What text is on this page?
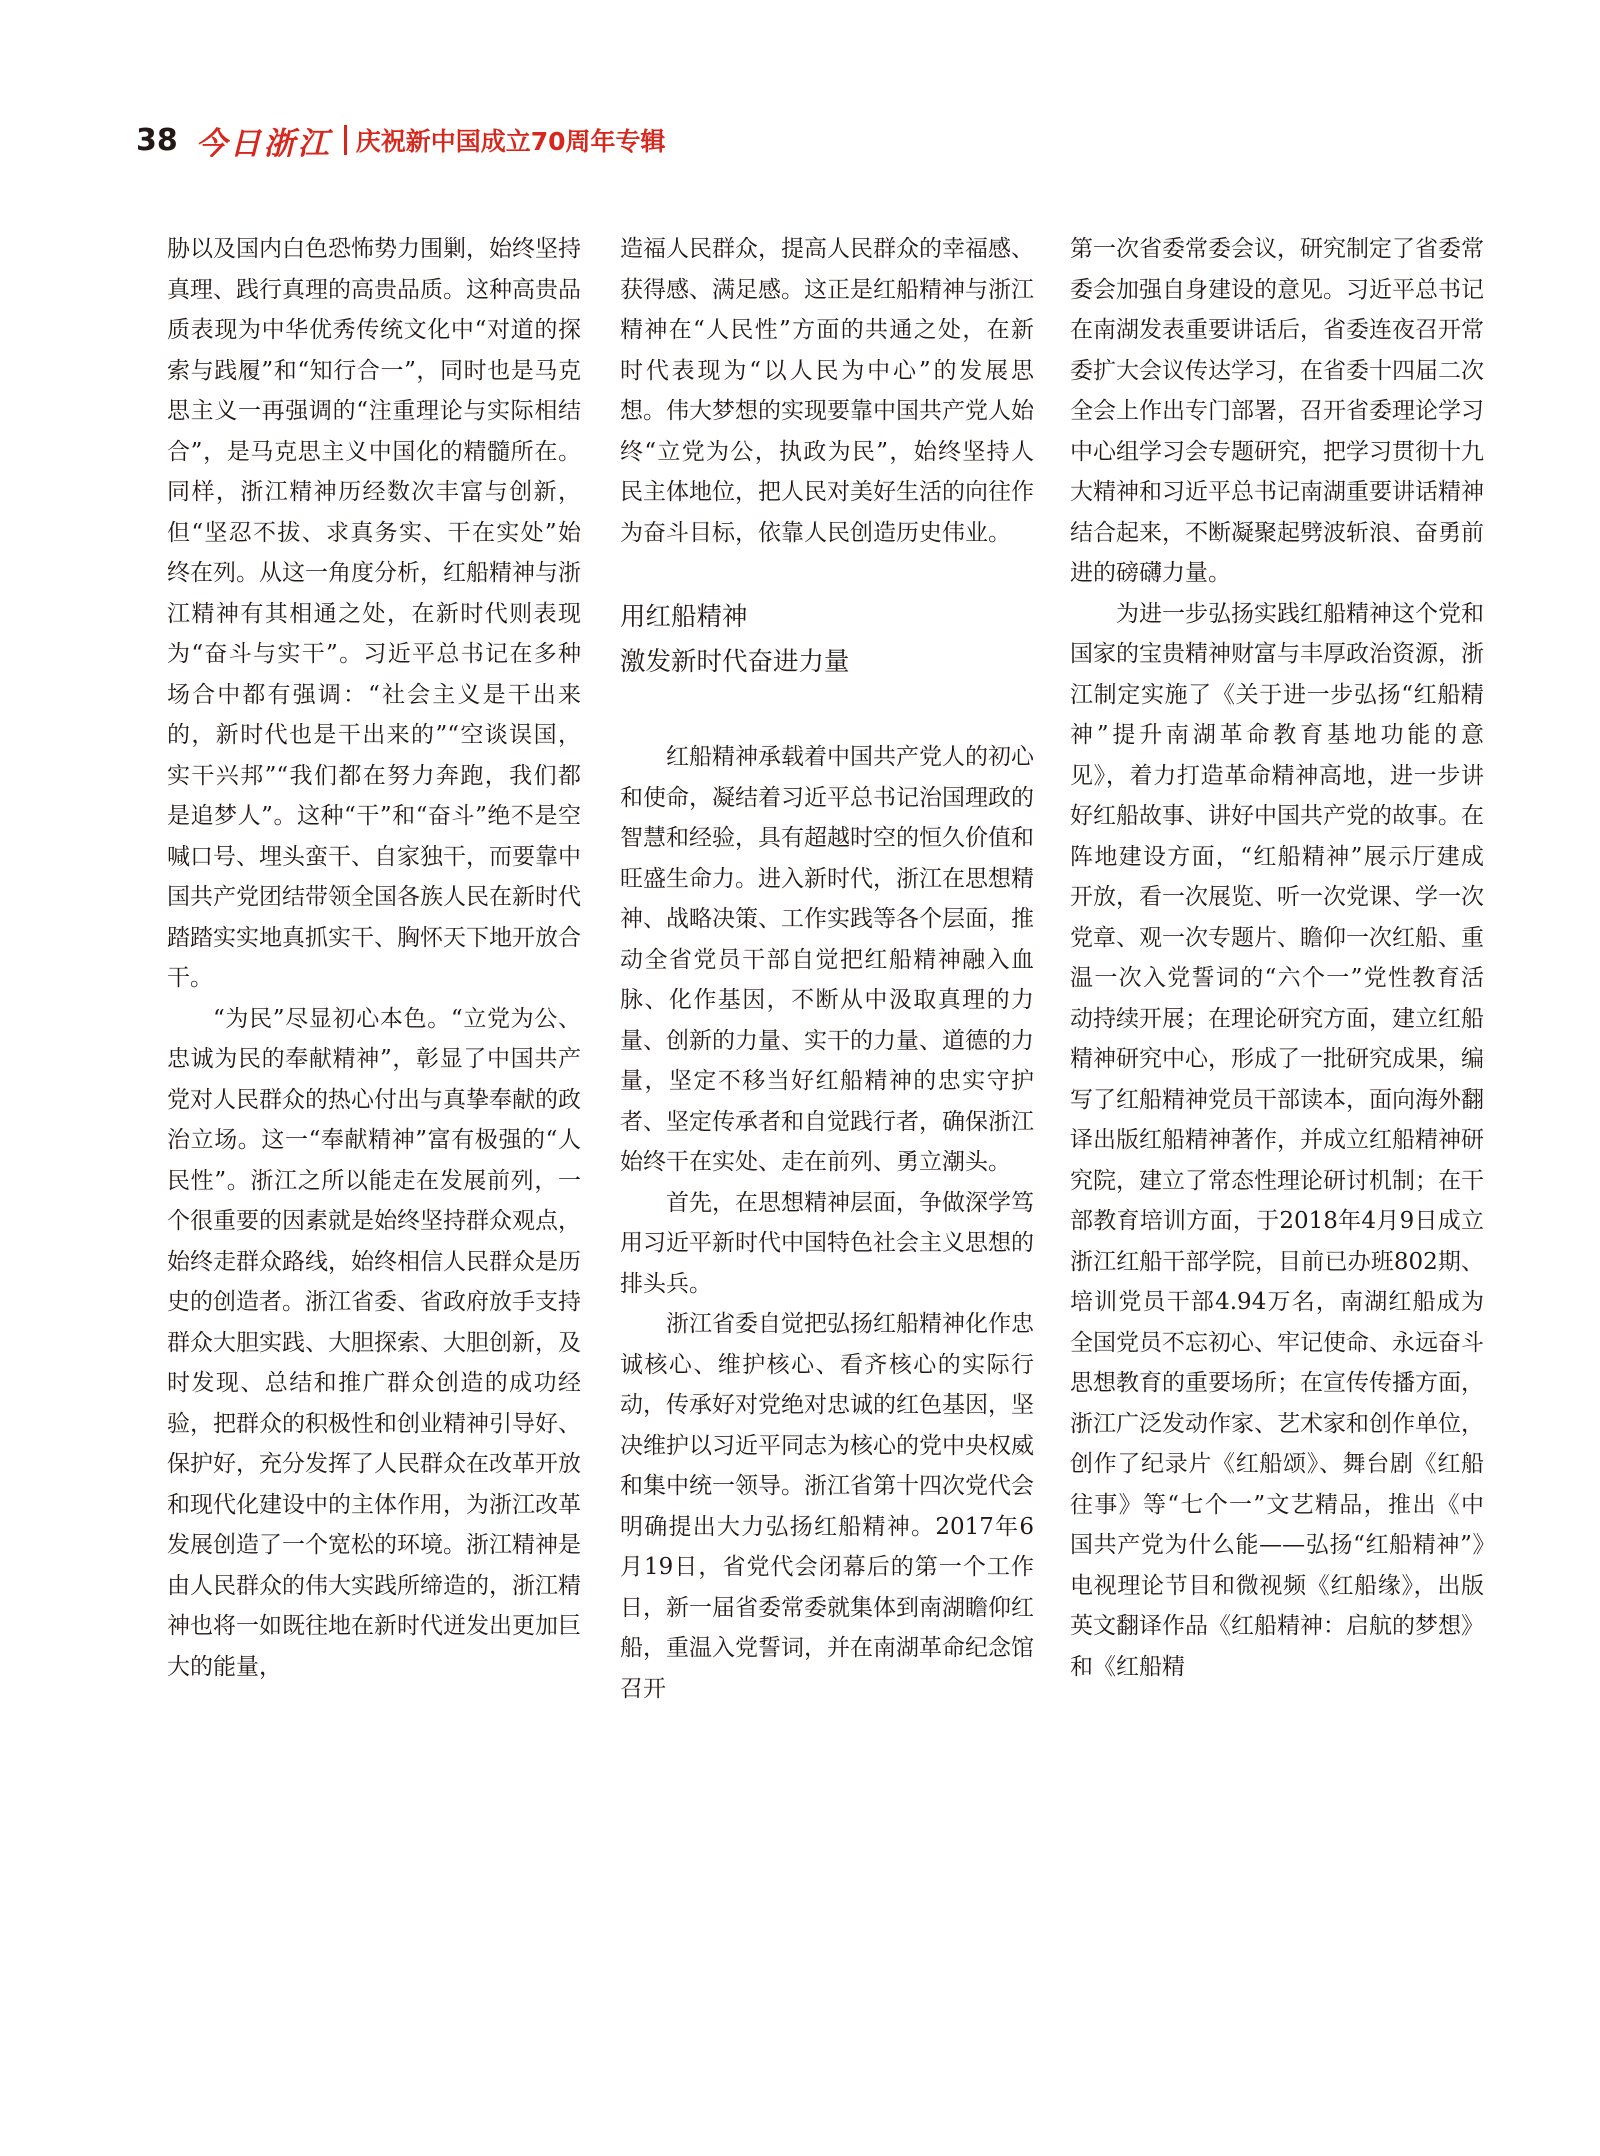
38 今日浙江 庆祝新中国成立70周年专辑

胁以及国内白色恐怖势力围剿，始终坚持真理、践行真理的高贵品质。这种高贵品质表现为中华优秀传统文化中“对道的探索与践履”和“知行合一”，同时也是马克思主义一再强调的“注重理论与实际相结合”，是马克思主义中国化的精髓所在。同样，浙江精神历经数次丰富与创新，但“坚忍不拔、求真务实、干在实处”始终在列。从这一角度分析，红船精神与浙江精神有其相通之处，在新时代则表现为“奋斗与实干”。习近平总书记在多种场合中都有强调：“社会主义是干出来的，新时代也是干出来的”“空谈误国，实干兴邦”“我们都在努力奔跑，我们都是追梦人”。这种“干”和“奋斗”绝不是空喊口号、埋头蛮干、自家独干，而要靠中国共产党团结带领全国各族人民在新时代踏踏实实地真抓实干、胸怀天下地开放合干。

“为民”尽显初心本色。“立党为公、忠诚为民的奉献精神”，彰显了中国共产党对人民群众的热心付出与真挚奉献的政治立场。这一“奉献精神”富有极强的“人民性”。浙江之所以能走在发展前列，一个很重要的因素就是始终坚持群众观点，始终走群众路线，始终相信人民群众是历史的创造者。浙江省委、省政府放手支持群众大胆实践、大胆探索、大胆创新，及时发现、总结和推广群众创造的成功经验，把群众的积极性和创业精神引导好、保护好，充分发挥了人民群众在改革开放和现代化建设中的主体作用，为浙江改革发展创造了一个宽松的环境。浙江精神是由人民群众的伟大实践所缔造的，浙江精神也将一如既往地在新时代迸发出更加巨大的能量，

造福人民群众，提高人民群众的幸福感、获得感、满足感。这正是红船精神与浙江精神在“人民性”方面的共通之处，在新时代表现为“以人民为中心”的发展思想。伟大梦想的实现要靠中国共产党人始终“立党为公，执政为民”，始终坚持人民主体地位，把人民对美好生活的向往作为奋斗目标，依靠人民创造历史伟业。

用红船精神
激发新时代奋进力量

红船精神承载着中国共产党人的初心和使命，凝结着习近平总书记治国理政的智慧和经验，具有超越时空的恒久价值和旺盛生命力。进入新时代，浙江在思想精神、战略决策、工作实践等各个层面，推动全省党员干部自觉把红船精神融入血脉、化作基因，不断从中汲取真理的力量、创新的力量、实干的力量、道德的力量，坚定不移当好红船精神的忠实守护者、坚定传承者和自觉践行者，确保浙江始终干在实处、走在前列、勇立潮头。

首先，在思想精神层面，争做深学笃用习近平新时代中国特色社会主义思想的排头兵。

浙江省委自觉把弘扬红船精神化作忠诚核心、维护核心、看齐核心的实际行动，传承好对党绝对忠诚的红色基因，坚决维护以习近平同志为核心的党中央权威和集中统一领导。浙江省第十四次党代会明确提出大力弘扬红船精神。2017年6月19日，省党代会闭幕后的第一个工作日，新一届省委常委就集体到南湖瞻仰红船，重温入党誓词，并在南湖革命纪念馆召开

第一次省委常委会议，研究制定了省委常委会加强自身建设的意见。习近平总书记在南湖发表重要讲话后，省委连夜召开常委扩大会议传达学习，在省委十四届二次全会上作出专门部署，召开省委理论学习中心组学习会专题研究，把学习贯彻十九大精神和习近平总书记南湖重要讲话精神结合起来，不断凝聚起劈波斩浪、奋勇前进的磅礴力量。

为进一步弘扬实践红船精神这个党和国家的宝贵精神财富与丰厚政治资源，浙江制定实施了《关于进一步弘扬“红船精神”提升南湖革命教育基地功能的意见》，着力打造革命精神高地，进一步讲好红船故事、讲好中国共产党的故事。在阵地建设方面，“红船精神”展示厅建成开放，看一次展览、听一次党课、学一次党章、观一次专题片、瞻仰一次红船、重温一次入党誓词的“六个一”党性教育活动持续开展；在理论研究方面，建立红船精神研究中心，形成了一批研究成果，编写了红船精神党员干部读本，面向海外翻译出版红船精神著作，并成立红船精神研究院，建立了常态性理论研讨机制；在干部教育培训方面，于2018年4月9日成立浙江红船干部学院，目前已办班802期、培训党员干部4.94万名，南湖红船成为全国党员不忘初心、牢记使命、永远奋斗思想教育的重要场所；在宣传传播方面，浙江广泛发动作家、艺术家和创作单位，创作了纪录片《红船颂》、舞台剧《红船往事》等“七个一”文艺精品，推出《中国共产党为什么能——弘扬“红船精神”》电视理论节目和微视频《红船缘》，出版英文翻译作品《红船精神：启航的梦想》和《红船精
